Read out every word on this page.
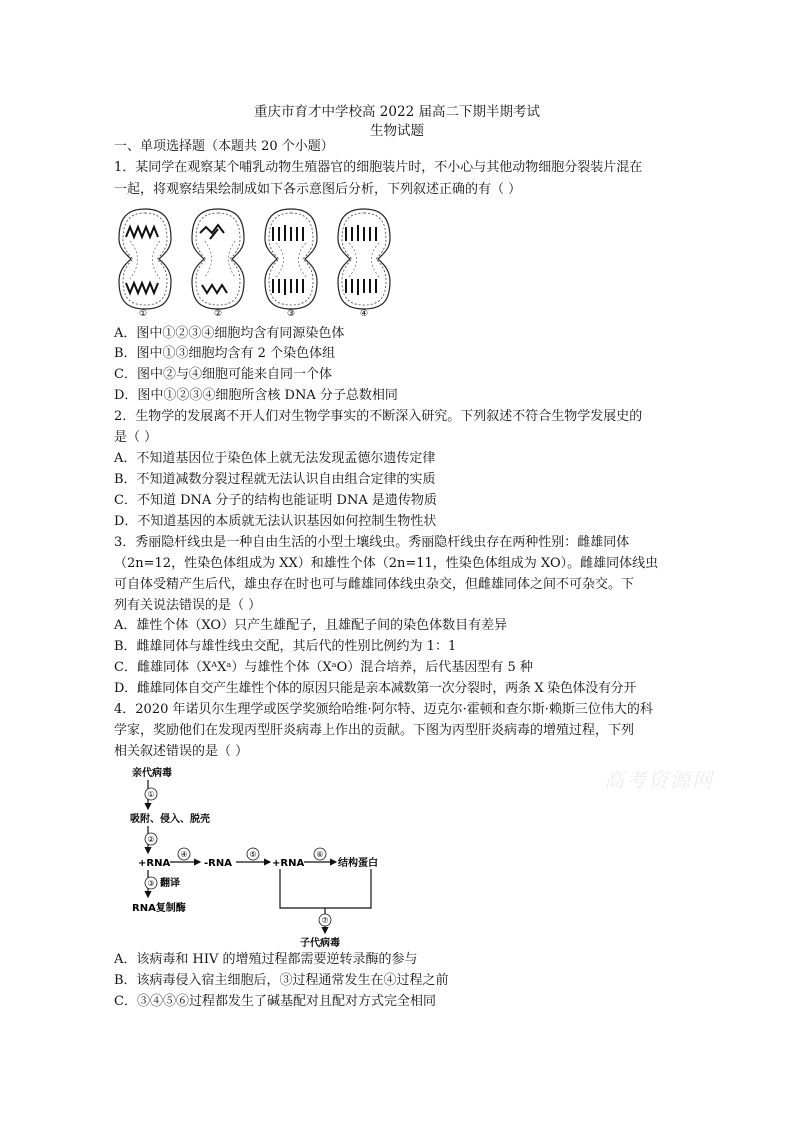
重庆市育才中学校高 2022 届高二下期半期考试
生物试题
一、单项选择题（本题共 20 个小题）
1．某同学在观察某个哺乳动物生殖器官的细胞装片时，不小心与其他动物细胞分裂装片混在
一起，将观察结果绘制成如下各示意图后分析，下列叙述正确的有（ ）
①	②	③	④
A．图中①②③④细胞均含有同源染色体
B．图中①③细胞均含有 2 个染色体组
C．图中②与④细胞可能来自同一个体
D．图中①②③④细胞所含核 DNA 分子总数相同
2．生物学的发展离不开人们对生物学事实的不断深入研究。下列叙述不符合生物学发展史的
是（ ）
A．不知道基因位于染色体上就无法发现孟德尔遗传定律
B．不知道减数分裂过程就无法认识自由组合定律的实质
C．不知道 DNA 分子的结构也能证明 DNA 是遗传物质
D．不知道基因的本质就无法认识基因如何控制生物性状
3．秀丽隐杆线虫是一种自由生活的小型土壤线虫。秀丽隐杆线虫存在两种性别：雌雄同体
（2n=12，性染色体组成为 XX）和雄性个体（2n=11，性染色体组成为 XO）。雌雄同体线虫
可自体受精产生后代，雄虫存在时也可与雌雄同体线虫杂交，但雌雄同体之间不可杂交。下
列有关说法错误的是（ ）
A．雄性个体（XO）只产生雄配子，且雄配子间的染色体数目有差异
B．雌雄同体与雄性线虫交配，其后代的性别比例约为 1：1
C．雌雄同体（XᴬXᵃ）与雄性个体（XᵃO）混合培养，后代基因型有 5 种
D．雌雄同体自交产生雄性个体的原因只能是亲本减数第一次分裂时，两条 X 染色体没有分开
4．2020 年诺贝尔生理学或医学奖颁给哈维·阿尔特、迈克尔·霍顿和查尔斯·赖斯三位伟大的科
学家，奖励他们在发现丙型肝炎病毒上作出的贡献。下图为丙型肝炎病毒的增殖过程，下列
相关叙述错误的是（ ）
亲代病毒
①
吸附、侵入、脱壳
②
+RNA
④
-RNA
⑤
+RNA
⑥
结构蛋白
③ 翻译
RNA复制酶
⑦
子代病毒
高考资源网
A．该病毒和 HIV 的增殖过程都需要逆转录酶的参与
B．该病毒侵入宿主细胞后，③过程通常发生在④过程之前
C．③④⑤⑥过程都发生了碱基配对且配对方式完全相同
